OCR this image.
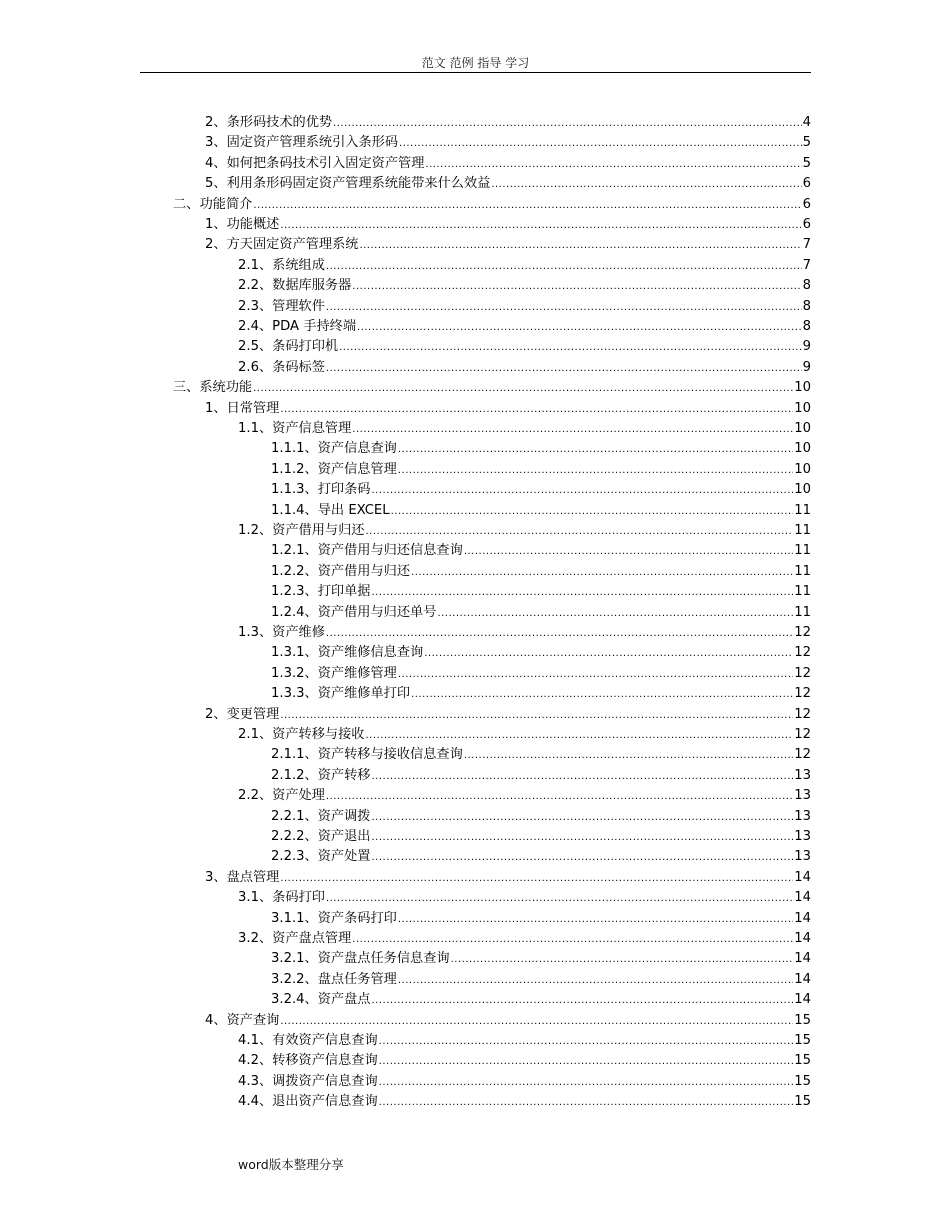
范文 范例 指导 学习
2、 条形码技术的优势 .....	4
3、 固定资产管理系统引入条形码 .....	5
4、 如何把条码技术引入固定资产管理 .....	5
5、 利用条形码固定资产管理系统能带来什么效益 .....	6
二、 功能简介 .....	6
1、 功能概述 .....	6
2、 方天固定资产管理系统 .....	7
2.1、 系统组成 .....	7
2.2、 数据库服务器 .....	8
2.3、 管理软件 .....	8
2.4、 PDA 手持终端 .....	8
2.5、 条码打印机 .....	9
2.6、 条码标签 .....	9
三、 系统功能 .....	10
1、 日常管理 .....	10
1.1、 资产信息管理 .....	10
1.1.1、 资产信息查询 .....	10
1.1.2、 资产信息管理 .....	10
1.1.3、 打印条码 .....	10
1.1.4、 导出 EXCEL .....	11
1.2、 资产借用与归还 .....	11
1.2.1、 资产借用与归还信息查询 .....	11
1.2.2、 资产借用与归还 .....	11
1.2.3、 打印单据 .....	11
1.2.4、 资产借用与归还单号 .....	11
1.3、 资产维修 .....	12
1.3.1、 资产维修信息查询 .....	12
1.3.2、 资产维修管理 .....	12
1.3.3、 资产维修单打印 .....	12
2、 变更管理 .....	12
2.1、 资产转移与接收 .....	12
2.1.1、 资产转移与接收信息查询 .....	12
2.1.2、 资产转移 .....	13
2.2、 资产处理 .....	13
2.2.1、 资产调拨 .....	13
2.2.2、 资产退出 .....	13
2.2.3、 资产处置 .....	13
3、 盘点管理 .....	14
3.1、 条码打印 .....	14
3.1.1、 资产条码打印 .....	14
3.2、 资产盘点管理 .....	14
3.2.1、 资产盘点任务信息查询 .....	14
3.2.2、 盘点任务管理 .....	14
3.2.4、 资产盘点 .....	14
4、 资产查询 .....	15
4.1、 有效资产信息查询 .....	15
4.2、 转移资产信息查询 .....	15
4.3、 调拨资产信息查询 .....	15
4.4、 退出资产信息查询 .....	15
word版本整理分享
